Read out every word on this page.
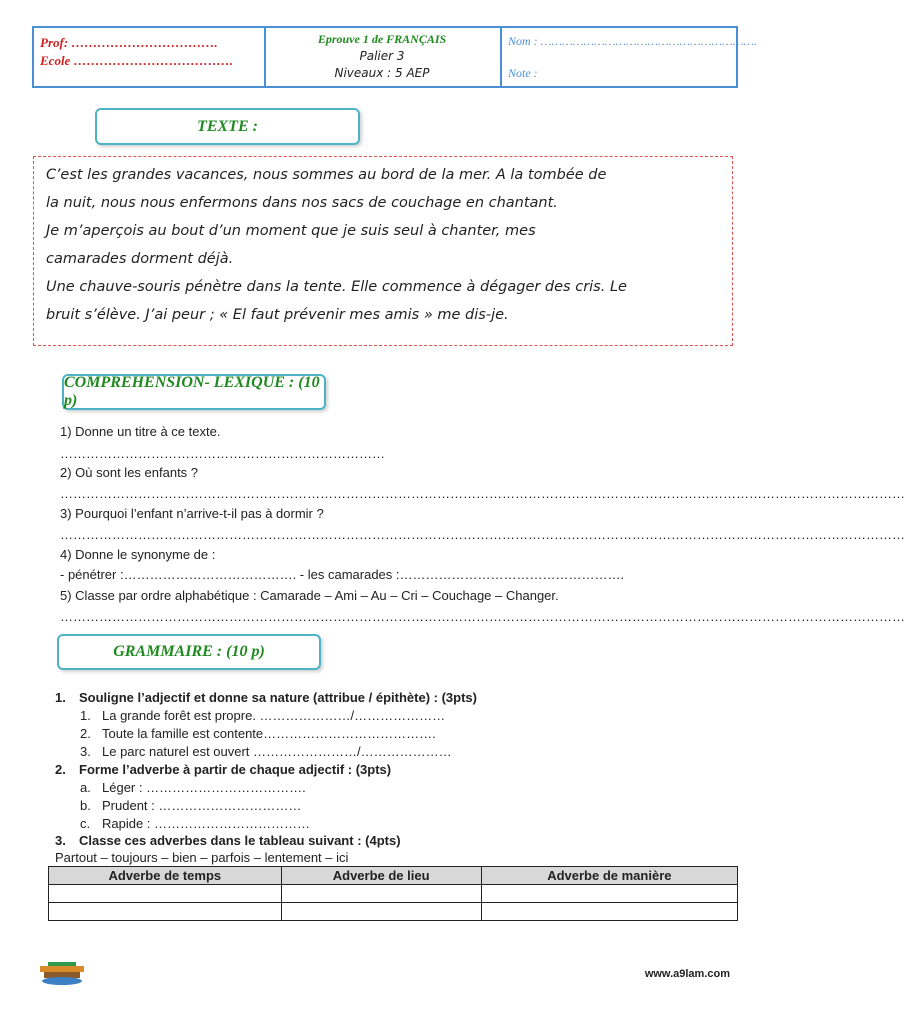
Prof: …………………………….
Ecole ……………………………….
Eprouve 1 de FRANÇAIS
Palier 3
Niveaux : 5 AEP
Nom : …………………………………………………….
Note :
TEXTE :
C’est les grandes vacances, nous sommes au bord de la mer. A la tombée de
la nuit, nous nous enfermons dans nos sacs de couchage en chantant.
Je m’aperçois au bout d’un moment que je suis seul à chanter, mes
camarades dorment déjà.
Une chauve-souris pénètre dans la tente. Elle commence à dégager des cris. Le
bruit s’élève. J’ai peur ; « El faut prévenir mes amis » me dis-je.
COMPREHENSION- LEXIQUE : (10 p)
1) Donne un titre à ce texte.
…………………………………………………………………
2) Où sont les enfants ?
……………………………………………………………………………………………………………………………………………………………………………
3) Pourquoi l’enfant n’arrive-t-il pas à dormir ?
……………………………………………………………………………………………………………………………………………………………………………
4) Donne le synonyme de :
- pénétrer :…………………………………. - les camarades :…………………………………………….
5) Classe par ordre alphabétique : Camarade – Ami – Au – Cri – Couchage – Changer.
……………………………………………………………………………………………………………………………………………………………………………
GRAMMAIRE : (10 p)
1. Souligne l’adjectif et donne sa nature (attribue / épithète) : (3pts)
1. La grande forêt est propre. …………………/…………………
2. Toute la famille est contente………………………………….
3. Le parc naturel est ouvert ……………………/…………………
2. Forme l’adverbe à partir de chaque adjectif : (3pts)
a. Léger : ……………………………….
b. Prudent : ……………………………
c. Rapide : ………………………………
3. Classe ces adverbes dans le tableau suivant : (4pts)
Partout – toujours – bien – parfois – lentement – ici
Adverbe de temps	Adverbe de lieu	Adverbe de manière

www.a9lam.com
